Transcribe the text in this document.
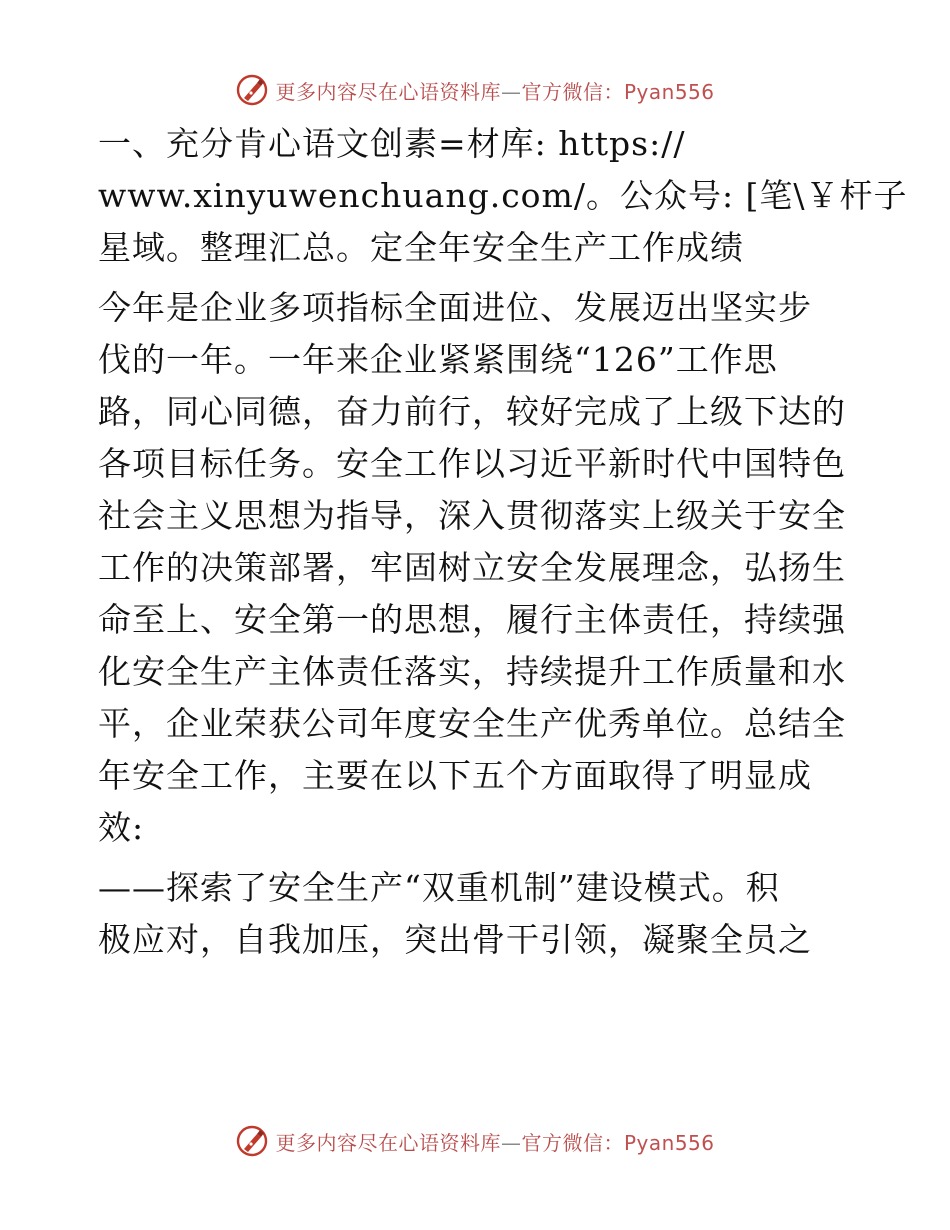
更多内容尽在心语资料库—官方微信：Pyan556

一、充分肯心语文创素=材库: https://
www.xinyuwenchuang.com/。公众号: [笔\￥杆子
星域。整理汇总。定全年安全生产工作成绩

今年是企业多项指标全面进位、发展迈出坚实步
伐的一年。一年来企业紧紧围绕“126”工作思
路，同心同德，奋力前行，较好完成了上级下达的
各项目标任务。安全工作以习近平新时代中国特色
社会主义思想为指导，深入贯彻落实上级关于安全
工作的决策部署，牢固树立安全发展理念，弘扬生
命至上、安全第一的思想，履行主体责任，持续强
化安全生产主体责任落实，持续提升工作质量和水
平，企业荣获公司年度安全生产优秀单位。总结全
年安全工作，主要在以下五个方面取得了明显成
效:

——探索了安全生产“双重机制”建设模式。积
极应对，自我加压，突出骨干引领，凝聚全员之

更多内容尽在心语资料库—官方微信：Pyan556
